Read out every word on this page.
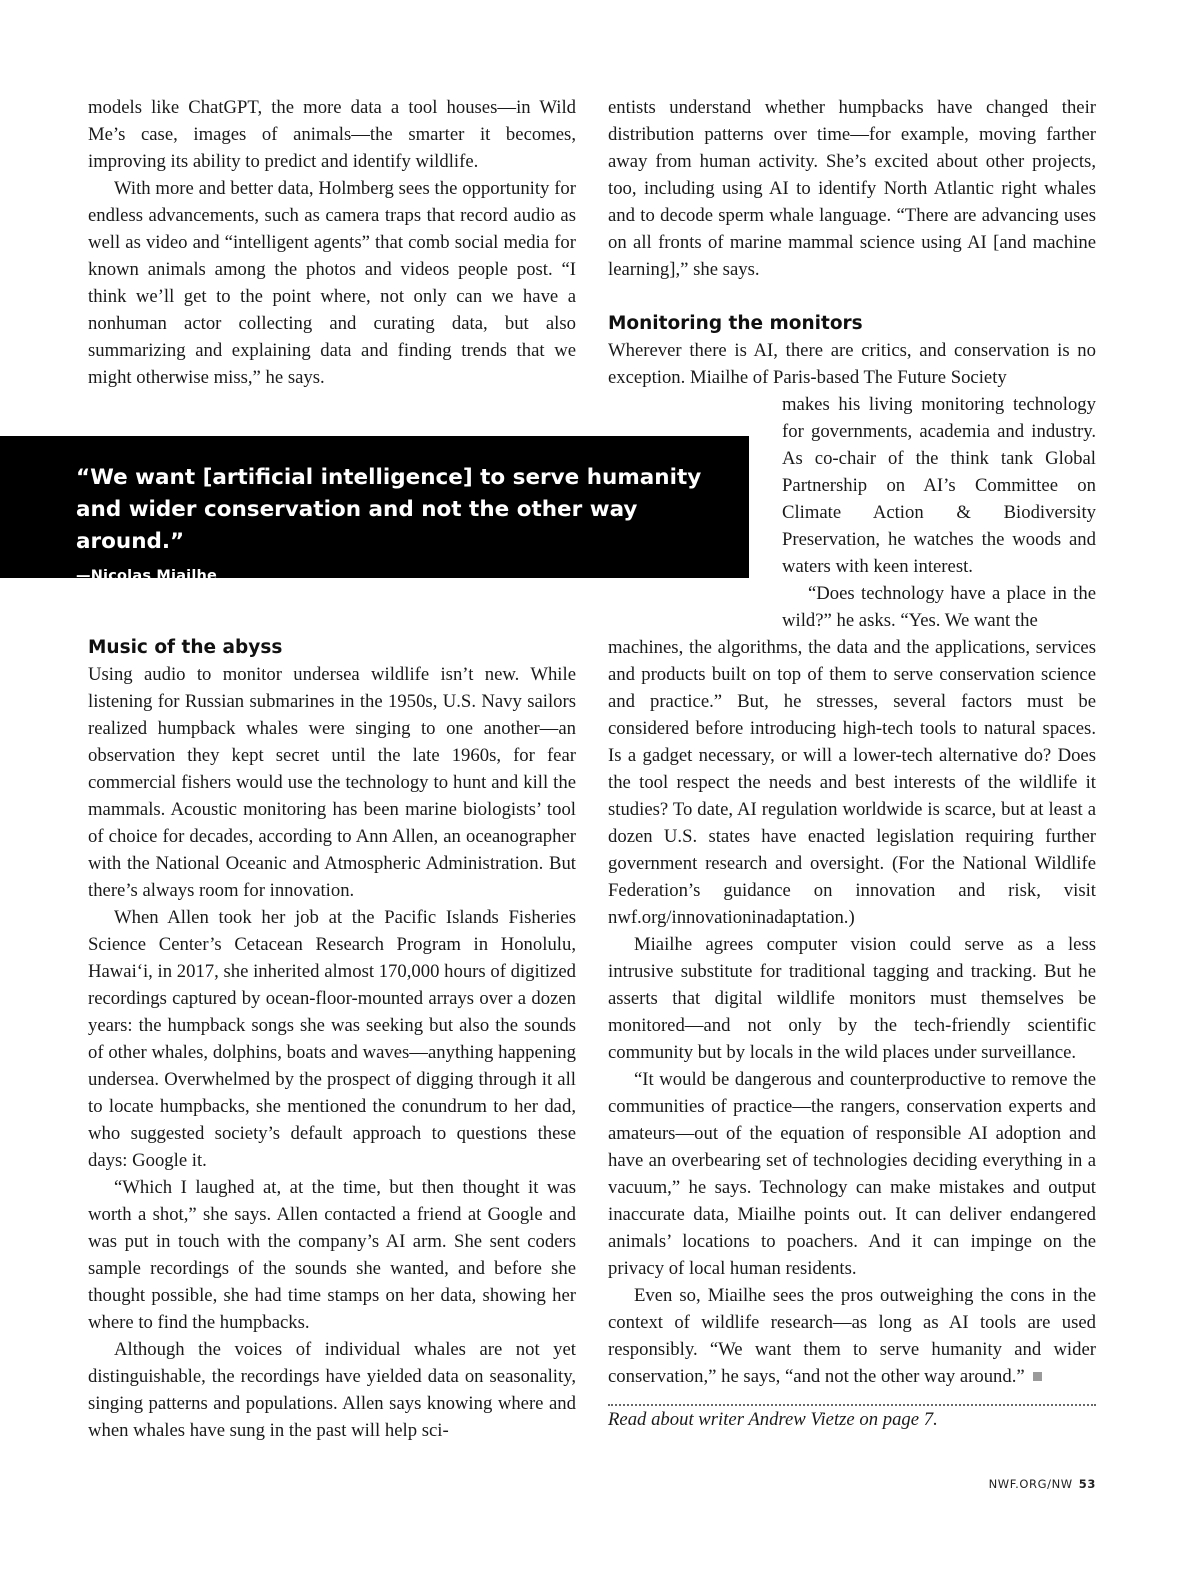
models like ChatGPT, the more data a tool houses—in Wild Me’s case, images of animals—the smarter it becomes, improving its ability to predict and identify wildlife.

With more and better data, Holmberg sees the opportunity for endless advancements, such as camera traps that record audio as well as video and “intelligent agents” that comb social media for known animals among the photos and videos people post. “I think we’ll get to the point where, not only can we have a nonhuman actor collecting and curating data, but also summarizing and explaining data and finding trends that we might otherwise miss,” he says.

“We want [artificial intelligence] to serve humanity and wider conservation and not the other way around.”
—Nicolas Miailhe
Music of the abyss

Using audio to monitor undersea wildlife isn’t new. While listening for Russian submarines in the 1950s, U.S. Navy sailors realized humpback whales were singing to one another—an observation they kept secret until the late 1960s, for fear commercial fishers would use the technology to hunt and kill the mammals. Acoustic monitoring has been marine biologists’ tool of choice for decades, according to Ann Allen, an oceanographer with the National Oceanic and Atmospheric Administration. But there’s always room for innovation.

When Allen took her job at the Pacific Islands Fisheries Science Center’s Cetacean Research Program in Honolulu, Hawai‘i, in 2017, she inherited almost 170,000 hours of digitized recordings captured by ocean-floor-mounted arrays over a dozen years: the humpback songs she was seeking but also the sounds of other whales, dolphins, boats and waves—anything happening undersea. Overwhelmed by the prospect of digging through it all to locate humpbacks, she mentioned the conundrum to her dad, who suggested society’s default approach to questions these days: Google it.

“Which I laughed at, at the time, but then thought it was worth a shot,” she says. Allen contacted a friend at Google and was put in touch with the company’s AI arm. She sent coders sample recordings of the sounds she wanted, and before she thought possible, she had time stamps on her data, showing her where to find the humpbacks.

Although the voices of individual whales are not yet distinguishable, the recordings have yielded data on seasonality, singing patterns and populations. Allen says knowing where and when whales have sung in the past will help sci-

entists understand whether humpbacks have changed their distribution patterns over time—for example, moving farther away from human activity. She’s excited about other projects, too, including using AI to identify North Atlantic right whales and to decode sperm whale language. “There are advancing uses on all fronts of marine mammal science using AI [and machine learning],” she says.

Monitoring the monitors

Wherever there is AI, there are critics, and conservation is no exception. Miailhe of Paris-based The Future Society

makes his living monitoring technology for governments, academia and industry. As co-chair of the think tank Global Partnership on AI’s Committee on Climate Action & Biodiversity Preservation, he watches the woods and waters with keen interest.

“Does technology have a place in the wild?” he asks. “Yes. We want the

machines, the algorithms, the data and the applications, services and products built on top of them to serve conservation science and practice.” But, he stresses, several factors must be considered before introducing high-tech tools to natural spaces. Is a gadget necessary, or will a lower-tech alternative do? Does the tool respect the needs and best interests of the wildlife it studies? To date, AI regulation worldwide is scarce, but at least a dozen U.S. states have enacted legislation requiring further government research and oversight. (For the National Wildlife Federation’s guidance on innovation and risk, visit nwf.org/innovationinadaptation.)

Miailhe agrees computer vision could serve as a less intrusive substitute for traditional tagging and tracking. But he asserts that digital wildlife monitors must themselves be monitored—and not only by the tech-friendly scientific community but by locals in the wild places under surveillance.

“It would be dangerous and counterproductive to remove the communities of practice—the rangers, conservation experts and amateurs—out of the equation of responsible AI adoption and have an overbearing set of technologies deciding everything in a vacuum,” he says. Technology can make mistakes and output inaccurate data, Miailhe points out. It can deliver endangered animals’ locations to poachers. And it can impinge on the privacy of local human residents.

Even so, Miailhe sees the pros outweighing the cons in the context of wildlife research—as long as AI tools are used responsibly. “We want them to serve humanity and wider conservation,” he says, “and not the other way around.”

Read about writer Andrew Vietze on page 7.

NWF.ORG/NW 53
